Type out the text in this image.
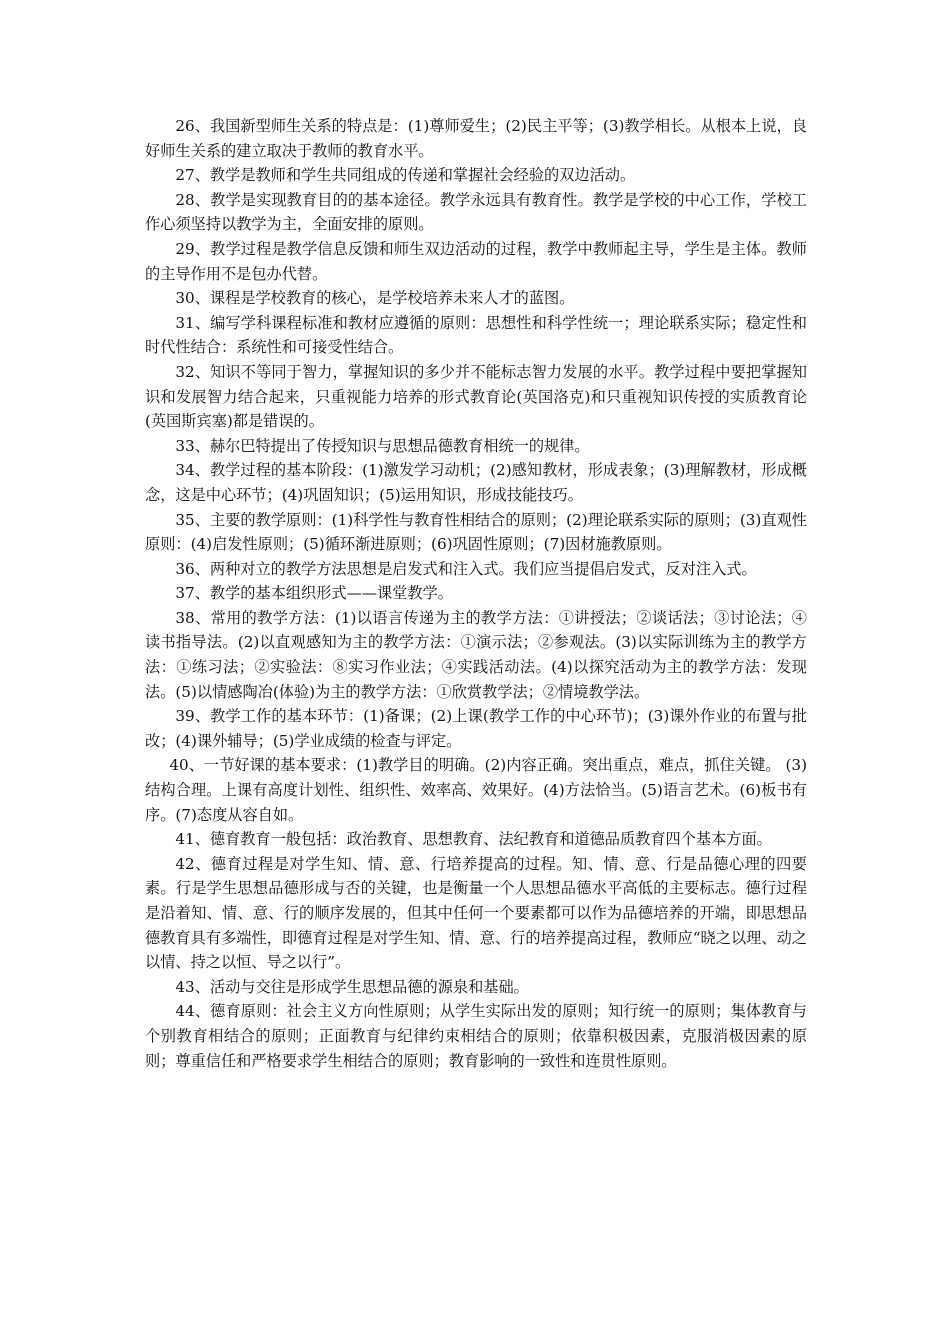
26、我国新型师生关系的特点是：(1)尊师爱生；(2)民主平等；(3)教学相长。从根本上说，良好师生关系的建立取决于教师的教育水平。

27、教学是教师和学生共同组成的传递和掌握社会经验的双边活动。

28、教学是实现教育目的的基本途径。教学永远具有教育性。教学是学校的中心工作，学校工作心须坚持以教学为主，全面安排的原则。

29、教学过程是教学信息反馈和师生双边活动的过程，教学中教师起主导，学生是主体。教师的主导作用不是包办代替。

30、课程是学校教育的核心，是学校培养未来人才的蓝图。

31、编写学科课程标准和教材应遵循的原则：思想性和科学性统一；理论联系实际；稳定性和时代性结合：系统性和可接受性结合。

32、知识不等同于智力，掌握知识的多少并不能标志智力发展的水平。教学过程中要把掌握知识和发展智力结合起来，只重视能力培养的形式教育论(英国洛克)和只重视知识传授的实质教育论(英国斯宾塞)都是错误的。

33、赫尔巴特提出了传授知识与思想品德教育相统一的规律。

34、教学过程的基本阶段：(1)激发学习动机；(2)感知教材，形成表象；(3)理解教材，形成概念，这是中心环节；(4)巩固知识；(5)运用知识，形成技能技巧。

35、主要的教学原则：(1)科学性与教育性相结合的原则；(2)理论联系实际的原则；(3)直观性原则：(4)启发性原则；(5)循环渐进原则；(6)巩固性原则；(7)因材施教原则。

36、两种对立的教学方法思想是启发式和注入式。我们应当提倡启发式，反对注入式。

37、教学的基本组织形式——课堂教学。

38、常用的教学方法：(1)以语言传递为主的教学方法：①讲授法；②谈话法；③讨论法；④读书指导法。(2)以直观感知为主的教学方法：①演示法；②参观法。(3)以实际训练为主的教学方法：①练习法；②实验法：⑧实习作业法；④实践活动法。(4)以探究活动为主的教学方法：发现法。(5)以情感陶冶(体验)为主的教学方法：①欣赏教学法；②情境教学法。

39、教学工作的基本环节：(1)备课；(2)上课(教学工作的中心环节)；(3)课外作业的布置与批改；(4)课外辅导；(5)学业成绩的检查与评定。

40、一节好课的基本要求：(1)教学目的明确。(2)内容正确。突出重点，难点，抓住关键。 (3)结构合理。上课有高度计划性、组织性、效率高、效果好。(4)方法恰当。(5)语言艺术。(6)板书有序。(7)态度从容自如。

41、德育教育一般包括：政治教育、思想教育、法纪教育和道德品质教育四个基本方面。

42、德育过程是对学生知、情、意、行培养提高的过程。知、情、意、行是品德心理的四要素。行是学生思想品德形成与否的关键，也是衡量一个人思想品德水平高低的主要标志。德行过程是沿着知、情、意、行的顺序发展的，但其中任何一个要素都可以作为品德培养的开端，即思想品德教育具有多端性，即德育过程是对学生知、情、意、行的培养提高过程，教师应“晓之以理、动之以情、持之以恒、导之以行”。

43、活动与交往是形成学生思想品德的源泉和基础。

44、德育原则：社会主义方向性原则；从学生实际出发的原则；知行统一的原则；集体教育与个别教育相结合的原则；正面教育与纪律约束相结合的原则；依靠积极因素，克服消极因素的原则；尊重信任和严格要求学生相结合的原则；教育影响的一致性和连贯性原则。
